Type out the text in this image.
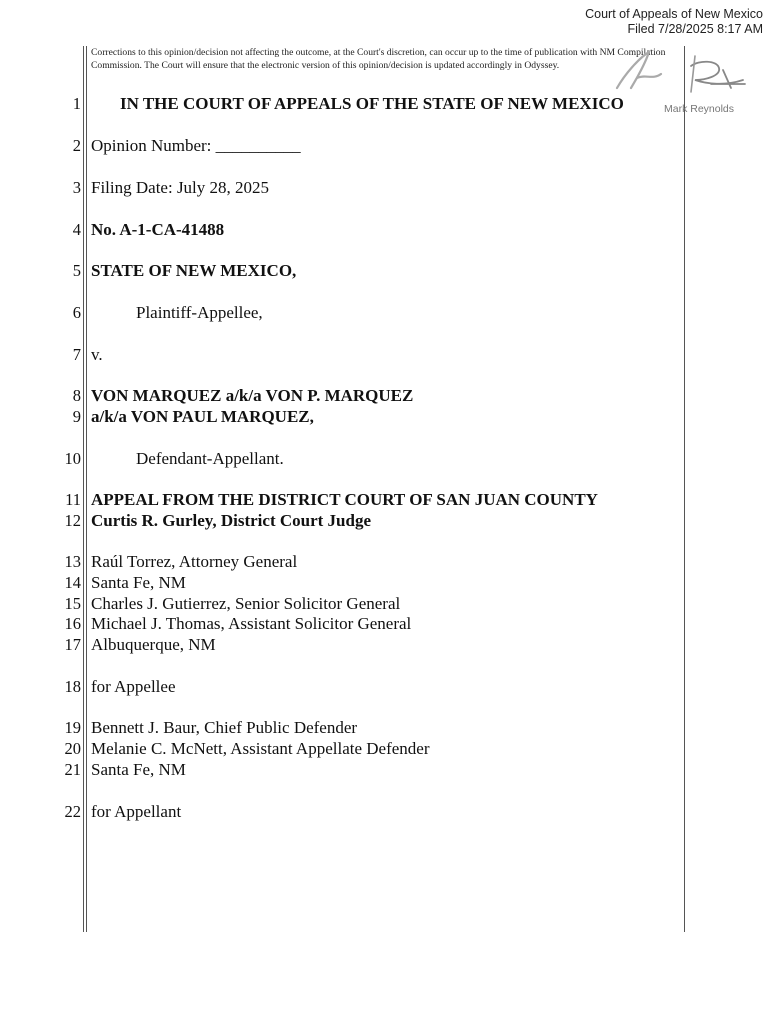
Court of Appeals of New Mexico
Filed 7/28/2025 8:17 AM
Corrections to this opinion/decision not affecting the outcome, at the Court's discretion, can occur up to the time of publication with NM Compilation Commission. The Court will ensure that the electronic version of this opinion/decision is updated accordingly in Odyssey.
Mark Reynolds
1 IN THE COURT OF APPEALS OF THE STATE OF NEW MEXICO
2 Opinion Number: __________
3 Filing Date: July 28, 2025
4 No. A-1-CA-41488
5 STATE OF NEW MEXICO,
6	Plaintiff-Appellee,
7 v.
8 VON MARQUEZ a/k/a VON P. MARQUEZ
9 a/k/a VON PAUL MARQUEZ,
10	Defendant-Appellant.
11 APPEAL FROM THE DISTRICT COURT OF SAN JUAN COUNTY
12 Curtis R. Gurley, District Court Judge
13 Raúl Torrez, Attorney General
14 Santa Fe, NM
15 Charles J. Gutierrez, Senior Solicitor General
16 Michael J. Thomas, Assistant Solicitor General
17 Albuquerque, NM
18 for Appellee
19 Bennett J. Baur, Chief Public Defender
20 Melanie C. McNett, Assistant Appellate Defender
21 Santa Fe, NM
22 for Appellant
